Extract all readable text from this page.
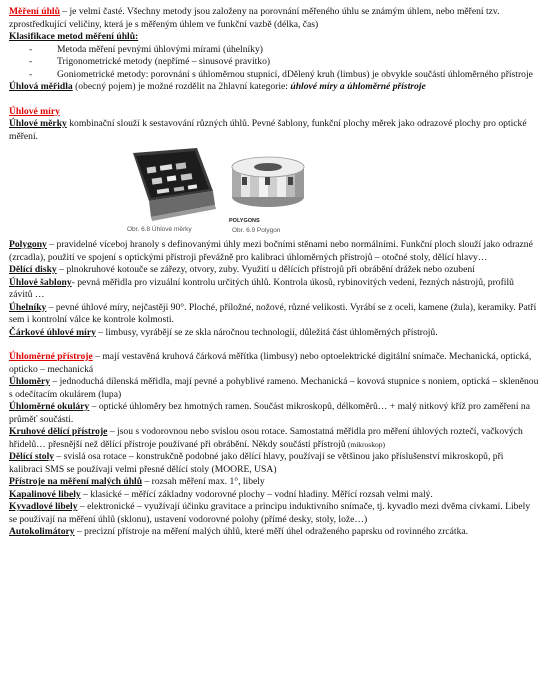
Měření úhlů – je velmi časté. Všechny metody jsou založeny na porovnání měřeného úhlu se známým úhlem, nebo měření tzv. zprostředkující veličiny, která je s měřeným úhlem ve funkční vazbě (délka, čas)

Klasifikace metod měření úhlů:

- Metoda měření pevnými úhlovými mírami (úhelníky)
- Trigonometrické metody (nepřímé – sinusové pravítko)
- Goniometrické metody: porovnání s úhloměrnou stupnicí, dDělený kruh (limbus) je obvykle součástí úhloměrného přístroje

Úhlová měřidla (obecný pojem) je možné rozdělit na 2hlavní kategorie: úhlové míry a úhloměrné přístroje

Úhlové míry

Úhlové měrky kombinační slouží k sestavování různých úhlů. Pevné šablony, funkční plochy měrek jako odrazové plochy pro optické měření.

Obr. 6.8 Úhlové měrky
POLYGONS
Obr. 6.9 Polygon

Polygony – pravidelné víceboj hranoly s definovanými úhly mezi bočními stěnami nebo normálními. Funkční ploch slouží jako odrazné (zrcadla), použití ve spojení s optickými přístroji převážně pro kalibraci úhloměrných přístrojů – otočné stoly, dělící hlavy…

Dělící disky – plnokruhové kotouče se zářezy, otvory, zuby. Využití u dělících přístrojů při obrábění drážek nebo ozubení

Úhlové šablony- pevná měřidla pro vizuální kontrolu určitých úhlů. Kontrola úkosů, rybinovitých vedení, řezných nástrojů, profilů závitů …

Úhelníky – pevné úhlové míry, nejčastěji 90°. Ploché, příložné, nožové, různé velikosti. Vyrábí se z oceli, kamene (žula), keramiky. Patří sem i kontrolní válce ke kontrole kolmosti.

Čárkové úhlové míry – limbusy, vyrábějí se ze skla náročnou technologií, důležitá část úhloměrných přístrojů.

Úhloměrné přístroje – mají vestavěná kruhová čárková měřítka (limbusy) nebo optoelektrické digitální snímače. Mechanická, optická, opticko – mechanická

Úhloměry – jednoduchá dílenská měřidla, mají pevné a pohyblivé rameno. Mechanická – kovová stupnice s noniem, optická – skleněnou s odečítacím okulárem (lupa)

Úhloměrné okuláry – optické úhloměry bez hmotných ramen. Součást mikroskopů, délkoměrů… + malý nitkový kříž pro zaměření na průměť součásti.

Kruhové dělící přístroje – jsou s vodorovnou nebo svislou osou rotace. Samostatná měřidla pro měření úhlových roztečí, vačkových hřídelů… přesnější než dělící přístroje používané při obrábění. Někdy součástí přístrojů (mikroskop)

Dělící stoly – svislá osa rotace – konstrukčně podobné jako dělící hlavy, používají se většinou jako příslušenství mikroskopů, při kalibraci SMS se používají velmi přesné dělící stoly (MOORE, USA)

Přístroje na měření malých úhlů – rozsah měření max. 1°, libely

Kapalinové libely – klasické – měřící základny vodorovné plochy – vodní hladiny. Měřící rozsah velmi malý.

Kyvadlové libely – elektronické – využívají účinku gravitace a principu induktivního snímače, tj. kyvadlo mezi dvěma cívkami. Libely se používají na měření úhlů (sklonu), ustavení vodorovné polohy (přímé desky, stoly, lože…)

Autokolimátory – precizní přístroje na měření malých úhlů, které měří úhel odraženého paprsku od rovinného zrcátka.
